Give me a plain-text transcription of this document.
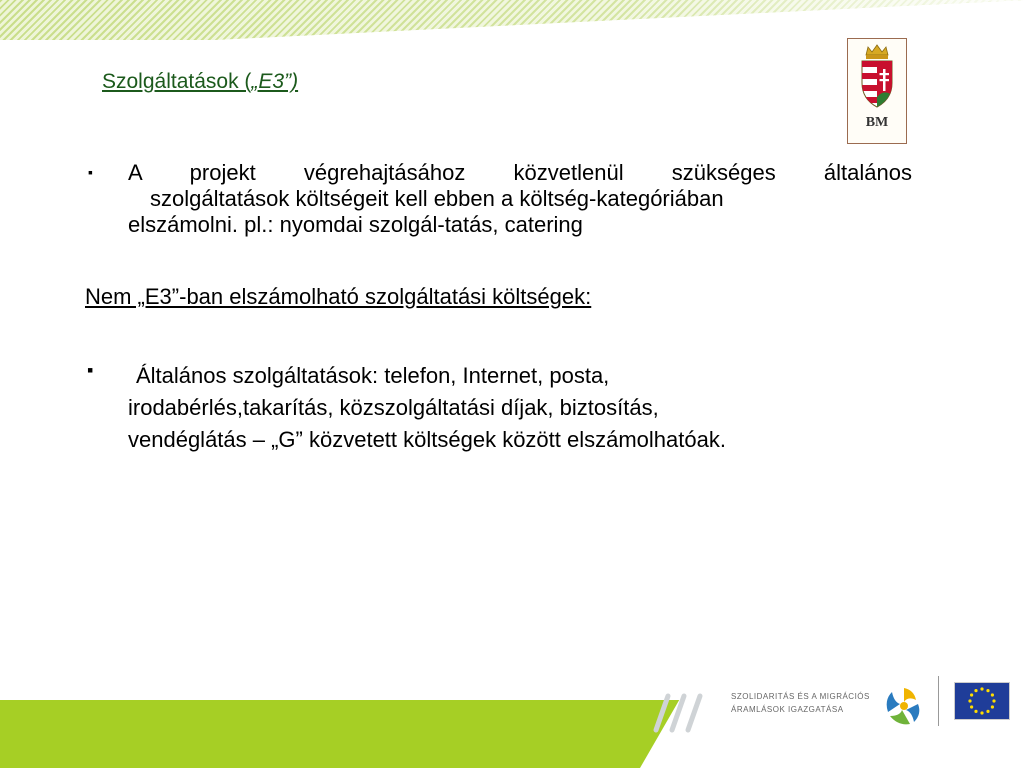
Szolgáltatások („E3”)
BM
▪ A projekt végrehajtásához közvetlenül szükséges általános
szolgáltatások költségeit kell ebben a költség-kategóriában
elszámolni. pl.: nyomdai szolgál-tatás, catering
Nem „E3”-ban elszámolható szolgáltatási költségek:
▪	Általános szolgáltatások: telefon, Internet, posta,
irodabérlés,takarítás, közszolgáltatási díjak, biztosítás,
vendéglátás – „G” közvetett költségek között elszámolhatóak.
SZOLIDARITÁS ÉS A MIGRÁCIÓS
ÁRAMLÁSOK IGAZGATÁSA
